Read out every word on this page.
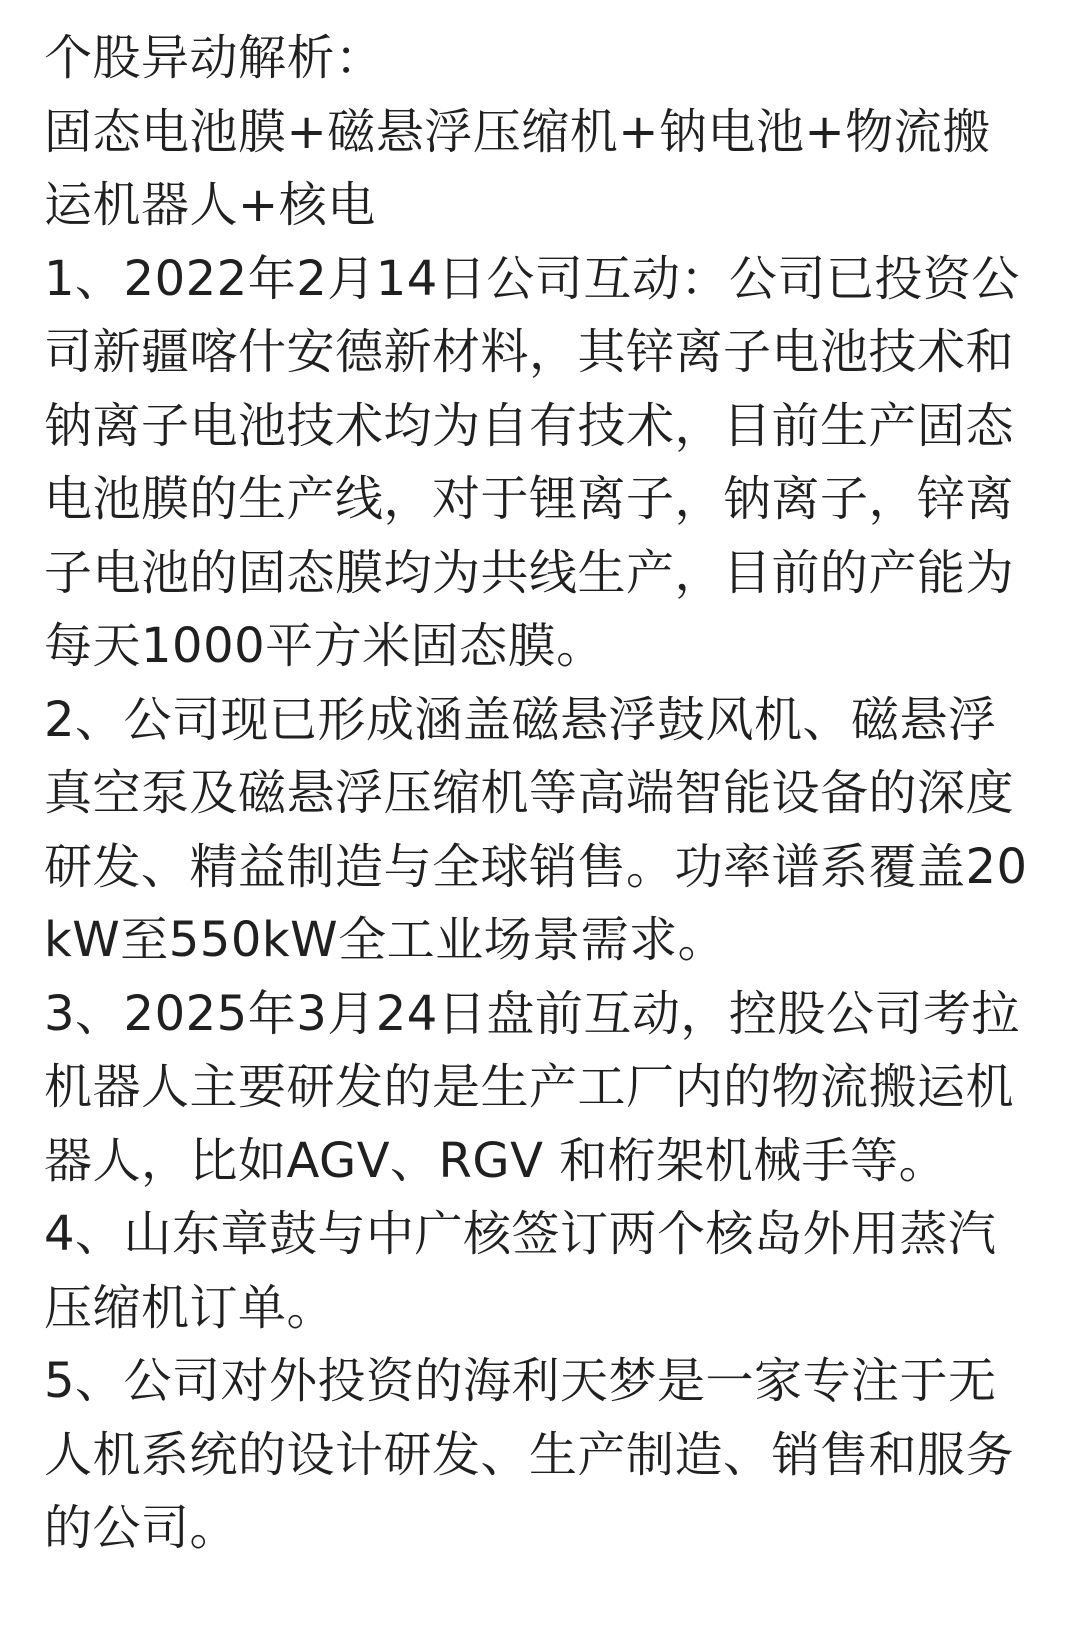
个股异动解析：

固态电池膜+磁悬浮压缩机+钠电池+物流搬运机器人+核电

1、2022年2月14日公司互动：公司已投资公司新疆喀什安德新材料，其锌离子电池技术和钠离子电池技术均为自有技术，目前生产固态电池膜的生产线，对于锂离子，钠离子，锌离子电池的固态膜均为共线生产，目前的产能为每天1000平方米固态膜。

2、公司现已形成涵盖磁悬浮鼓风机、磁悬浮真空泵及磁悬浮压缩机等高端智能设备的深度研发、精益制造与全球销售。功率谱系覆盖20kW至550kW全工业场景需求。

3、2025年3月24日盘前互动，控股公司考拉机器人主要研发的是生产工厂内的物流搬运机器人，比如AGV、RGV 和桁架机械手等。

4、山东章鼓与中广核签订两个核岛外用蒸汽压缩机订单。

5、公司对外投资的海利天梦是一家专注于无人机系统的设计研发、生产制造、销售和服务的公司。
